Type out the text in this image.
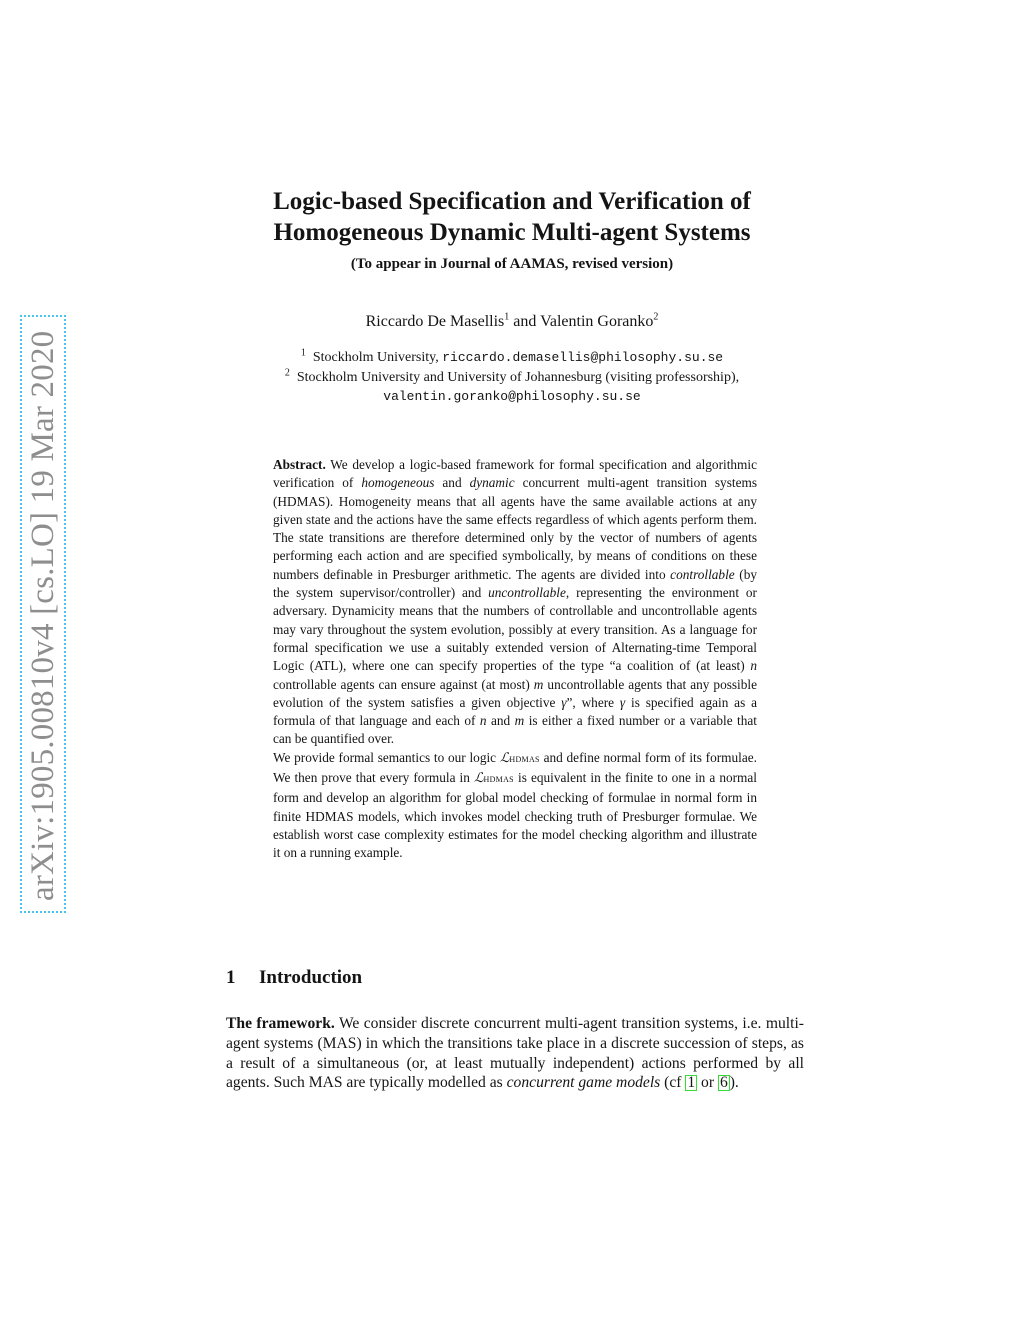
arXiv:1905.00810v4 [cs.LO] 19 Mar 2020
Logic-based Specification and Verification of
Homogeneous Dynamic Multi-agent Systems
(To appear in Journal of AAMAS, revised version)
Riccardo De Masellis$^1$ and Valentin Goranko$^2$
$^1$ Stockholm University, riccardo.demasellis@philosophy.su.se
$^2$ Stockholm University and University of Johannesburg (visiting professorship),
valentin.goranko@philosophy.su.se

Abstract. We develop a logic-based framework for formal specification and algorithmic verification of homogeneous and dynamic concurrent multi-agent transition systems (HDMAS). Homogeneity means that all agents have the same available actions at any given state and the actions have the same effects regardless of which agents perform them. The state transitions are therefore determined only by the vector of numbers of agents performing each action and are specified symbolically, by means of conditions on these numbers definable in Presburger arithmetic. The agents are divided into controllable (by the system supervisor/controller) and uncontrollable, representing the environment or adversary. Dynamicity means that the numbers of controllable and uncontrollable agents may vary throughout the system evolution, possibly at every transition. As a language for formal specification we use a suitably extended version of Alternating-time Temporal Logic (ATL), where one can specify properties of the type “a coalition of (at least) n controllable agents can ensure against (at most) m uncontrollable agents that any possible evolution of the system satisfies a given objective γ”, where γ is specified again as a formula of that language and each of n and m is either a fixed number or a variable that can be quantified over.

We provide formal semantics to our logic ℒHDMAS and define normal form of its formulae. We then prove that every formula in ℒHDMAS is equivalent in the finite to one in a normal form and develop an algorithm for global model checking of formulae in normal form in finite HDMAS models, which invokes model checking truth of Presburger formulae. We establish worst case complexity estimates for the model checking algorithm and illustrate it on a running example.

1 Introduction

The framework. We consider discrete concurrent multi-agent transition systems, i.e. multi-agent systems (MAS) in which the transitions take place in a discrete succession of steps, as a result of a simultaneous (or, at least mutually independent) actions performed by all agents. Such MAS are typically modelled as concurrent game models (cf 1 or 6 ).
